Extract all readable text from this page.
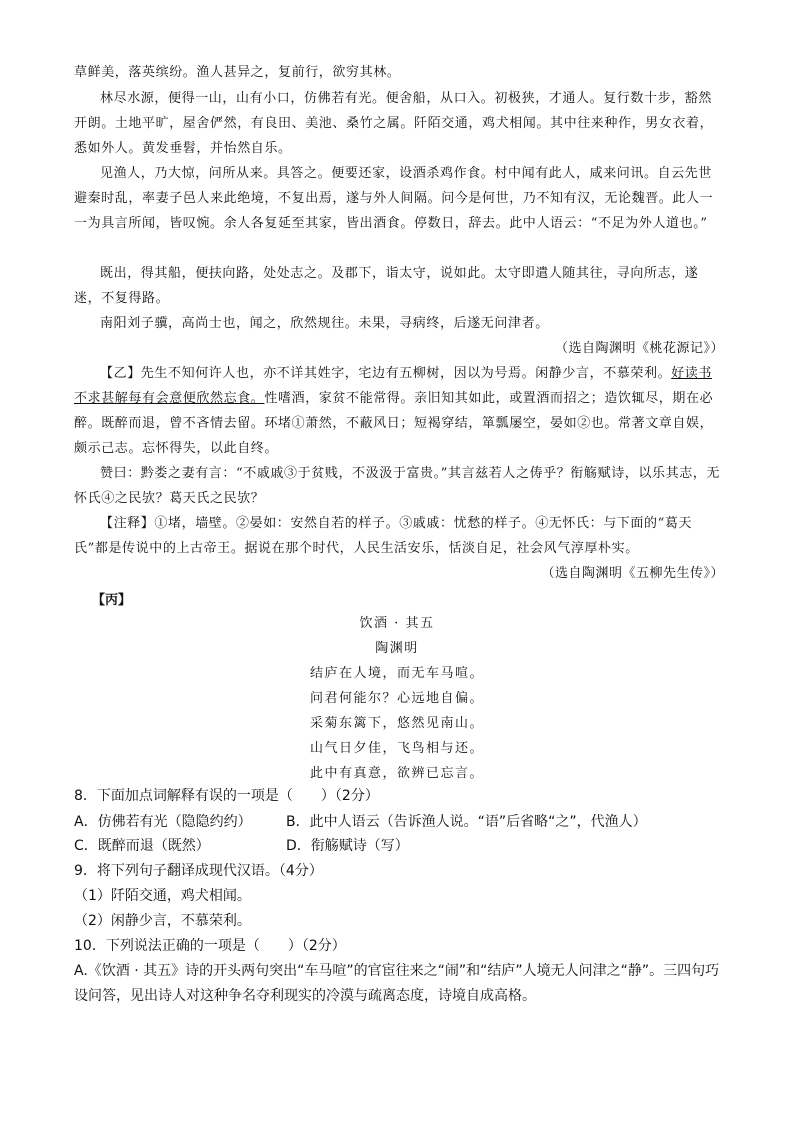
草鲜美，落英缤纷。渔人甚异之，复前行，欲穷其林。
林尽水源，便得一山，山有小口，仿佛若有光。便舍船，从口入。初极狭，才通人。复行数十步，豁然开朗。土地平旷，屋舍俨然，有良田、美池、桑竹之属。阡陌交通，鸡犬相闻。其中往来种作，男女衣着，悉如外人。黄发垂髫，并怡然自乐。
见渔人，乃大惊，问所从来。具答之。便要还家，设酒杀鸡作食。村中闻有此人，咸来问讯。自云先世避秦时乱，率妻子邑人来此绝境，不复出焉，遂与外人间隔。问今是何世，乃不知有汉，无论魏晋。此人一一为具言所闻，皆叹惋。余人各复延至其家，皆出酒食。停数日，辞去。此中人语云：“不足为外人道也。”
既出，得其船，便扶向路，处处志之。及郡下，诣太守，说如此。太守即遣人随其往，寻向所志，遂迷，不复得路。
南阳刘子骥，高尚士也，闻之，欣然规往。未果，寻病终，后遂无问津者。
（选自陶渊明《桃花源记》）
【乙】先生不知何许人也，亦不详其姓字，宅边有五柳树，因以为号焉。闲静少言，不慕荣利。好读书不求甚解每有会意便欣然忘食。性嗜酒，家贫不能常得。亲旧知其如此，或置酒而招之；造饮辄尽，期在必醉。既醉而退，曾不吝情去留。环堵①萧然，不蔽风日；短褐穿结，箪瓢屡空，晏如②也。常著文章自娱，颇示己志。忘怀得失，以此自终。
赞曰：黔娄之妻有言：“不戚戚③于贫贱，不汲汲于富贵。”其言兹若人之俦乎？衔觞赋诗，以乐其志，无怀氏④之民欤？葛天氏之民欤？
【注释】①堵，墙壁。②晏如：安然自若的样子。③戚戚：忧愁的样子。④无怀氏：与下面的“葛天氏”都是传说中的上古帝王。据说在那个时代，人民生活安乐，恬淡自足，社会风气淳厚朴实。
（选自陶渊明《五柳先生传》）
【丙】
饮酒 · 其五
陶渊明
结庐在人境，而无车马喧。
问君何能尔？心远地自偏。
采菊东篱下，悠然见南山。
山气日夕佳，飞鸟相与还。
此中有真意，欲辨已忘言。
8．下面加点词解释有误的一项是（　　）（2分）
A．仿佛若有光（隐隐约约） B．此中人语云（告诉渔人说。“语”后省略“之”，代渔人）
C．既醉而退（既然）	D．衔觞赋诗（写）
9．将下列句子翻译成现代汉语。（4分）
（1）阡陌交通，鸡犬相闻。
（2）闲静少言，不慕荣利。
10．下列说法正确的一项是（　　）（2分）
A.《饮酒 · 其五》诗的开头两句突出“车马喧”的官宦往来之“闹”和“结庐”人境无人问津之“静”。三四句巧设问答，见出诗人对这种争名夺利现实的冷漠与疏离态度，诗境自成高格。
